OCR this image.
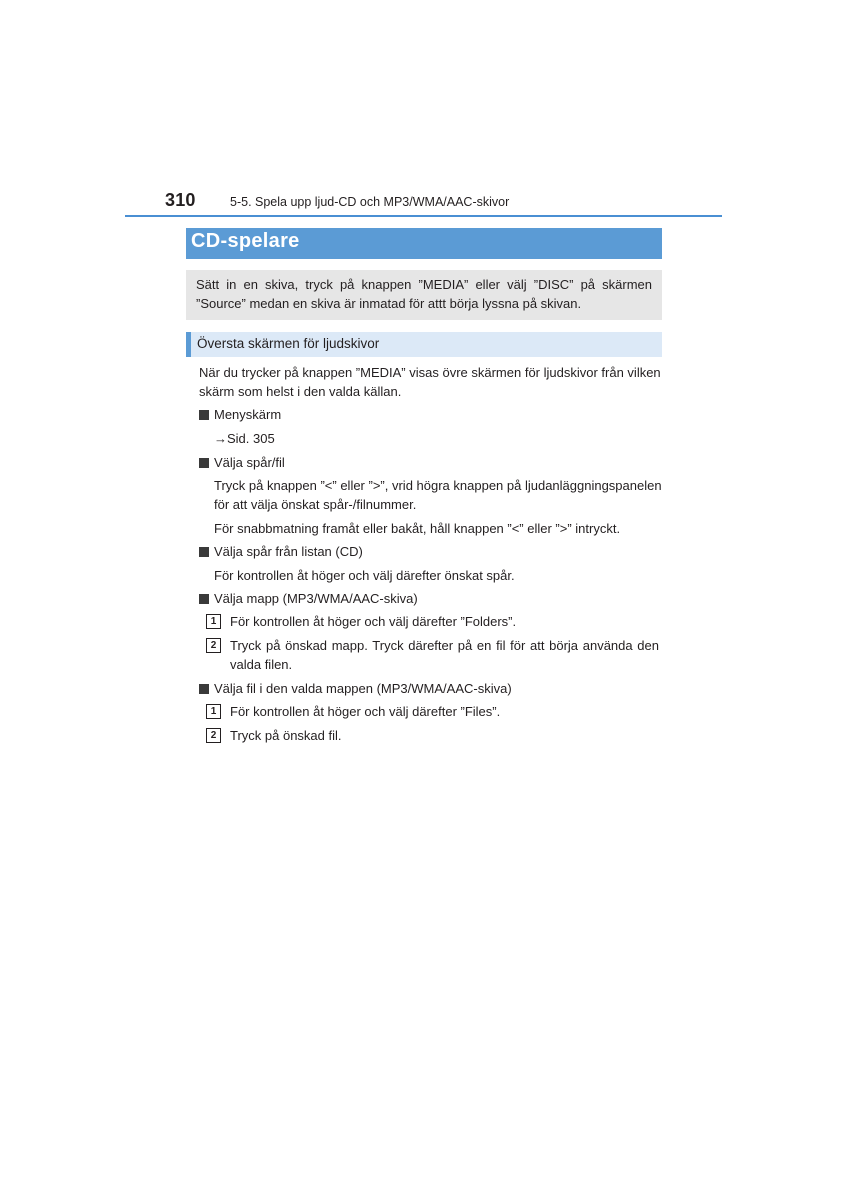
310	5-5. Spela upp ljud-CD och MP3/WMA/AAC-skivor
CD-spelare
Sätt in en skiva, tryck på knappen ”MEDIA” eller välj ”DISC” på skärmen
”Source” medan en skiva är inmatad för attt börja lyssna på skivan.
Översta skärmen för ljudskivor
När du trycker på knappen ”MEDIA” visas övre skärmen för ljudskivor från vilken
skärm som helst i den valda källan.
Menyskärm
→Sid. 305
Välja spår/fil
Tryck på knappen ”<” eller ”>”, vrid högra knappen på ljudanläggningspanelen
för att välja önskat spår-/filnummer.
För snabbmatning framåt eller bakåt, håll knappen ”<” eller ”>” intryckt.
Välja spår från listan (CD)
För kontrollen åt höger och välj därefter önskat spår.
Välja mapp (MP3/WMA/AAC-skiva)
1	För kontrollen åt höger och välj därefter ”Folders”.
2	Tryck på önskad mapp. Tryck därefter på en fil för att börja använda den
valda filen.
Välja fil i den valda mappen (MP3/WMA/AAC-skiva)
1	För kontrollen åt höger och välj därefter ”Files”.
2	Tryck på önskad fil.
